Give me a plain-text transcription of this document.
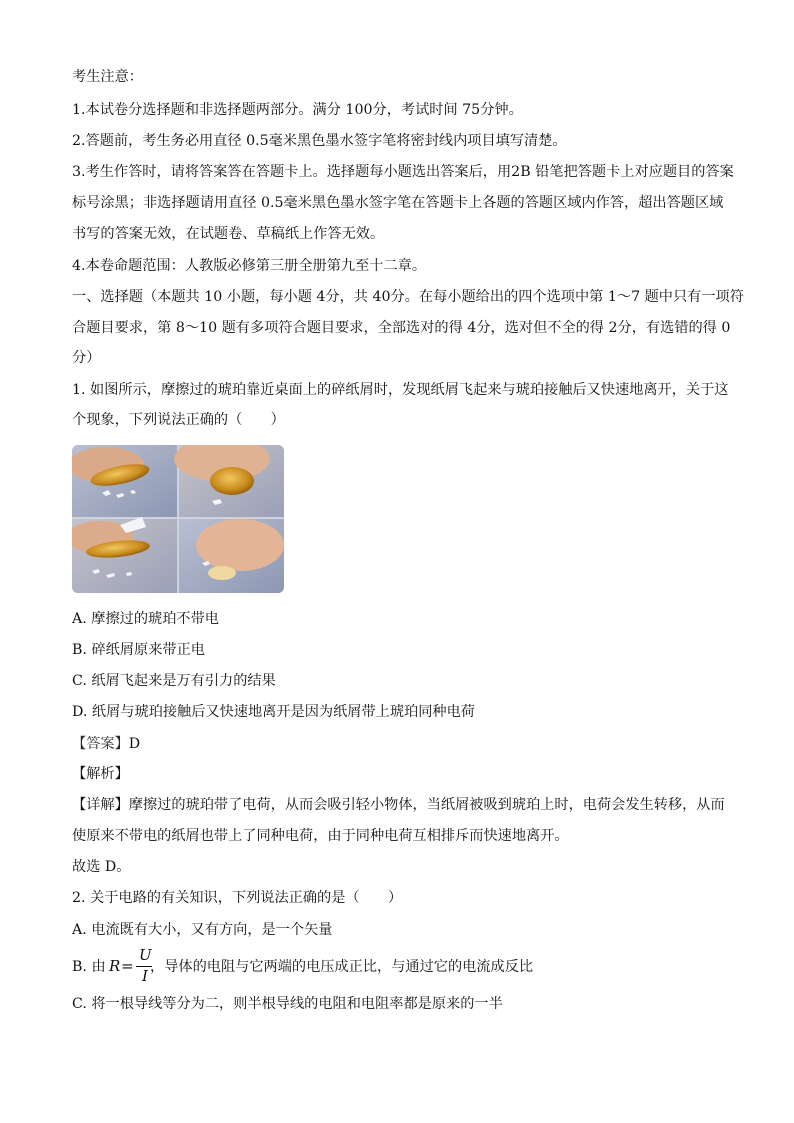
考生注意：
1.本试卷分选择题和非选择题两部分。满分 100分，考试时间 75分钟。
2.答题前，考生务必用直径 0.5毫米黑色墨水签字笔将密封线内项目填写清楚。
3.考生作答时，请将答案答在答题卡上。选择题每小题选出答案后，用2B 铅笔把答题卡上对应题目的答案
标号涂黑；非选择题请用直径 0.5毫米黑色墨水签字笔在答题卡上各题的答题区域内作答，超出答题区域
书写的答案无效，在试题卷、草稿纸上作答无效。
4.本卷命题范围：人教版必修第三册全册第九至十二章。
一、选择题（本题共 10 小题，每小题 4分，共 40分。在每小题给出的四个选项中第 1～7 题中只有一项符
合题目要求，第 8～10 题有多项符合题目要求，全部选对的得 4分，选对但不全的得 2分，有选错的得 0
分）
1. 如图所示，摩擦过的琥珀靠近桌面上的碎纸屑时，发现纸屑飞起来与琥珀接触后又快速地离开，关于这
个现象，下列说法正确的（　　）
A. 摩擦过的琥珀不带电
B. 碎纸屑原来带正电
C. 纸屑飞起来是万有引力的结果
D. 纸屑与琥珀接触后又快速地离开是因为纸屑带上琥珀同种电荷
【答案】D
【解析】
【详解】摩擦过的琥珀带了电荷，从而会吸引轻小物体，当纸屑被吸到琥珀上时，电荷会发生转移，从而
使原来不带电的纸屑也带上了同种电荷，由于同种电荷互相排斥而快速地离开。
故选 D。
2. 关于电路的有关知识，下列说法正确的是（　　）
A. 电流既有大小，又有方向，是一个矢量
B. 由 R =
U
I ，导体的电阻与它两端的电压成正比，与通过它的电流成反比
C. 将一根导线等分为二，则半根导线的电阻和电阻率都是原来的一半
